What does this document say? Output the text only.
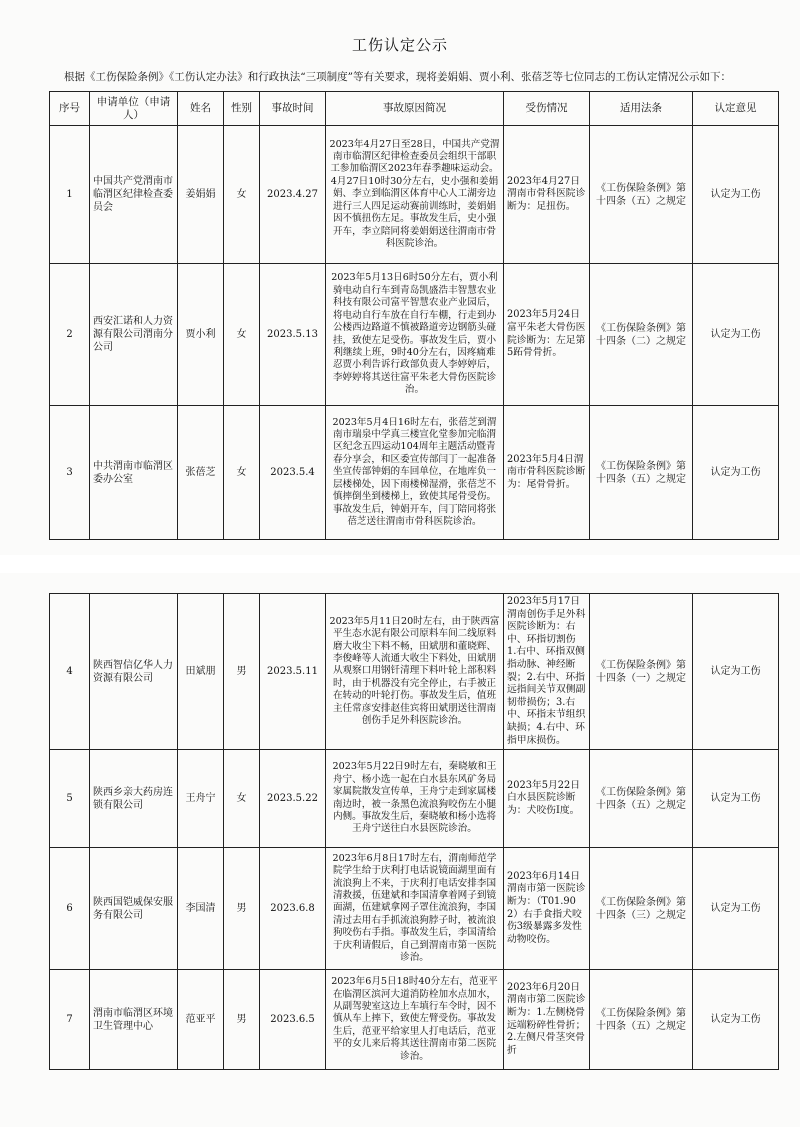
工伤认定公示
根据《工伤保险条例》《工伤认定办法》和行政执法“三项制度”等有关要求，现将姜娟娟、贾小利、张蓓芝等七位同志的工伤认定情况公示如下：
序号	申请单位（申请人）	姓名	性别	事故时间	事故原因简况	受伤情况	适用法条	认定意见
1	中国共产党渭南市临渭区纪律检查委员会	姜娟娟	女	2023.4.27	2023年4月27日至28日，中国共产党渭南市临渭区纪律检查委员会组织干部职工参加临渭区2023年春季趣味运动会。4月27日10时30分左右，史小强和姜娟娟、李立到临渭区体育中心人工湖旁边进行三人四足运动赛前训练时，姜娟娟因不慎扭伤左足。事故发生后，史小强开车，李立陪同将姜娟娟送往渭南市骨科医院诊治。	2023年4月27日渭南市骨科医院诊断为：足扭伤。	《工伤保险条例》第十四条（五）之规定	认定为工伤
2	西安汇诺和人力资源有限公司渭南分公司	贾小利	女	2023.5.13	2023年5月13日6时50分左右，贾小利骑电动自行车到青岛凯盛浩丰智慧农业科技有限公司富平智慧农业产业园后，将电动自行车放在自行车棚，行走到办公楼西边路道不慎被路道旁边钢筋头碰挂，致使左足受伤。事故发生后，贾小利继续上班，9时40分左右，因疼痛难忍贾小利告诉行政部负责人李婷婷后，李婷婷将其送往富平朱老大骨伤医院诊治。	2023年5月24日富平朱老大骨伤医院诊断为：左足第5跖骨骨折。	《工伤保险条例》第十四条（二）之规定	认定为工伤
3	中共渭南市临渭区委办公室	张蓓芝	女	2023.5.4	2023年5月4日16时左右，张蓓芝到渭南市瑞泉中学真三楼宣化堂参加完临渭区纪念五四运动104周年主题活动暨青春分享会，和区委宣传部闫丁一起准备坐宣传部钟娟的车回单位，在地库负一层楼梯处，因下雨楼梯湿滑，张蓓芝不慎摔倒坐到楼梯上，致使其尾骨受伤。事故发生后，钟娟开车，闫丁陪同将张蓓芝送往渭南市骨科医院诊治。	2023年5月4日渭南市骨科医院诊断为：尾骨骨折。	《工伤保险条例》第十四条（五）之规定	认定为工伤
4	陕西智信亿华人力资源有限公司	田斌朋	男	2023.5.11	2023年5月11日20时左右，由于陕西富平生态水泥有限公司原料车间二线原料磨大收尘下料不畅，田斌朋和董晓辉、李俊峰等人流通大收尘下料处，田斌朋从观察口用钢钎清理下料叶轮上部积料时，由于机器没有完全停止，右手被正在转动的叶轮打伤。事故发生后，值班主任常彦安排赵佳宾将田斌朋送往渭南创伤手足外科医院诊治。	2023年5月17日渭南创伤手足外科医院诊断为：右中、环指切割伤 1.右中、环指双侧指动脉、神经断裂；2.右中、环指远指间关节双侧副韧带损伤；3.右中、环指末节组织缺损；4.右中、环指甲床损伤。	《工伤保险条例》第十四条（一）之规定	认定为工伤
5	陕西乡亲大药房连锁有限公司	王舟宁	女	2023.5.22	2023年5月22日9时左右，秦晓敏和王舟宁、杨小选一起在白水县东风矿务局家属院散发宣传单，王舟宁走到家属楼南边时，被一条黑色流浪狗咬伤左小腿内侧。事故发生后，秦晓敏和杨小选将王舟宁送往白水县医院诊治。	2023年5月22日白水县医院诊断为：犬咬伤Ⅰ度。	《工伤保险条例》第十四条（五）之规定	认定为工伤
6	陕西国铠威保安服务有限公司	李国清	男	2023.6.8	2023年6月8日17时左右，渭南师范学院学生给于庆利打电话说镜面湖里面有流浪狗上不来，于庆利打电话安排李国清救援，伍建斌和李国清拿着网子到镜面湖，伍建斌拿网子罩住流浪狗，李国清过去用右手抓流浪狗脖子时，被流浪狗咬伤右手指。事故发生后，李国清给于庆利请假后，自己到渭南市第一医院诊治。	2023年6月14日渭南市第一医院诊断为：（T01.902）右手食指犬咬伤3级暴露多发性动物咬伤。	《工伤保险条例》第十四条（三）之规定	认定为工伤
7	渭南市临渭区环境卫生管理中心	范亚平	男	2023.6.5	2023年6月5日18时40分左右，范亚平在临渭区滨河大道消防栓加水点加水，从副驾驶室这边上车填行车令时，因不慎从车上摔下，致使左臂受伤。事故发生后，范亚平给家里人打电话后，范亚平的女儿来后将其送往渭南市第二医院诊治。	2023年6月20日渭南市第二医院诊断为：1.左侧桡骨远端粉碎性骨折；2.左侧尺骨茎突骨折	《工伤保险条例》第十四条（五）之规定	认定为工伤
